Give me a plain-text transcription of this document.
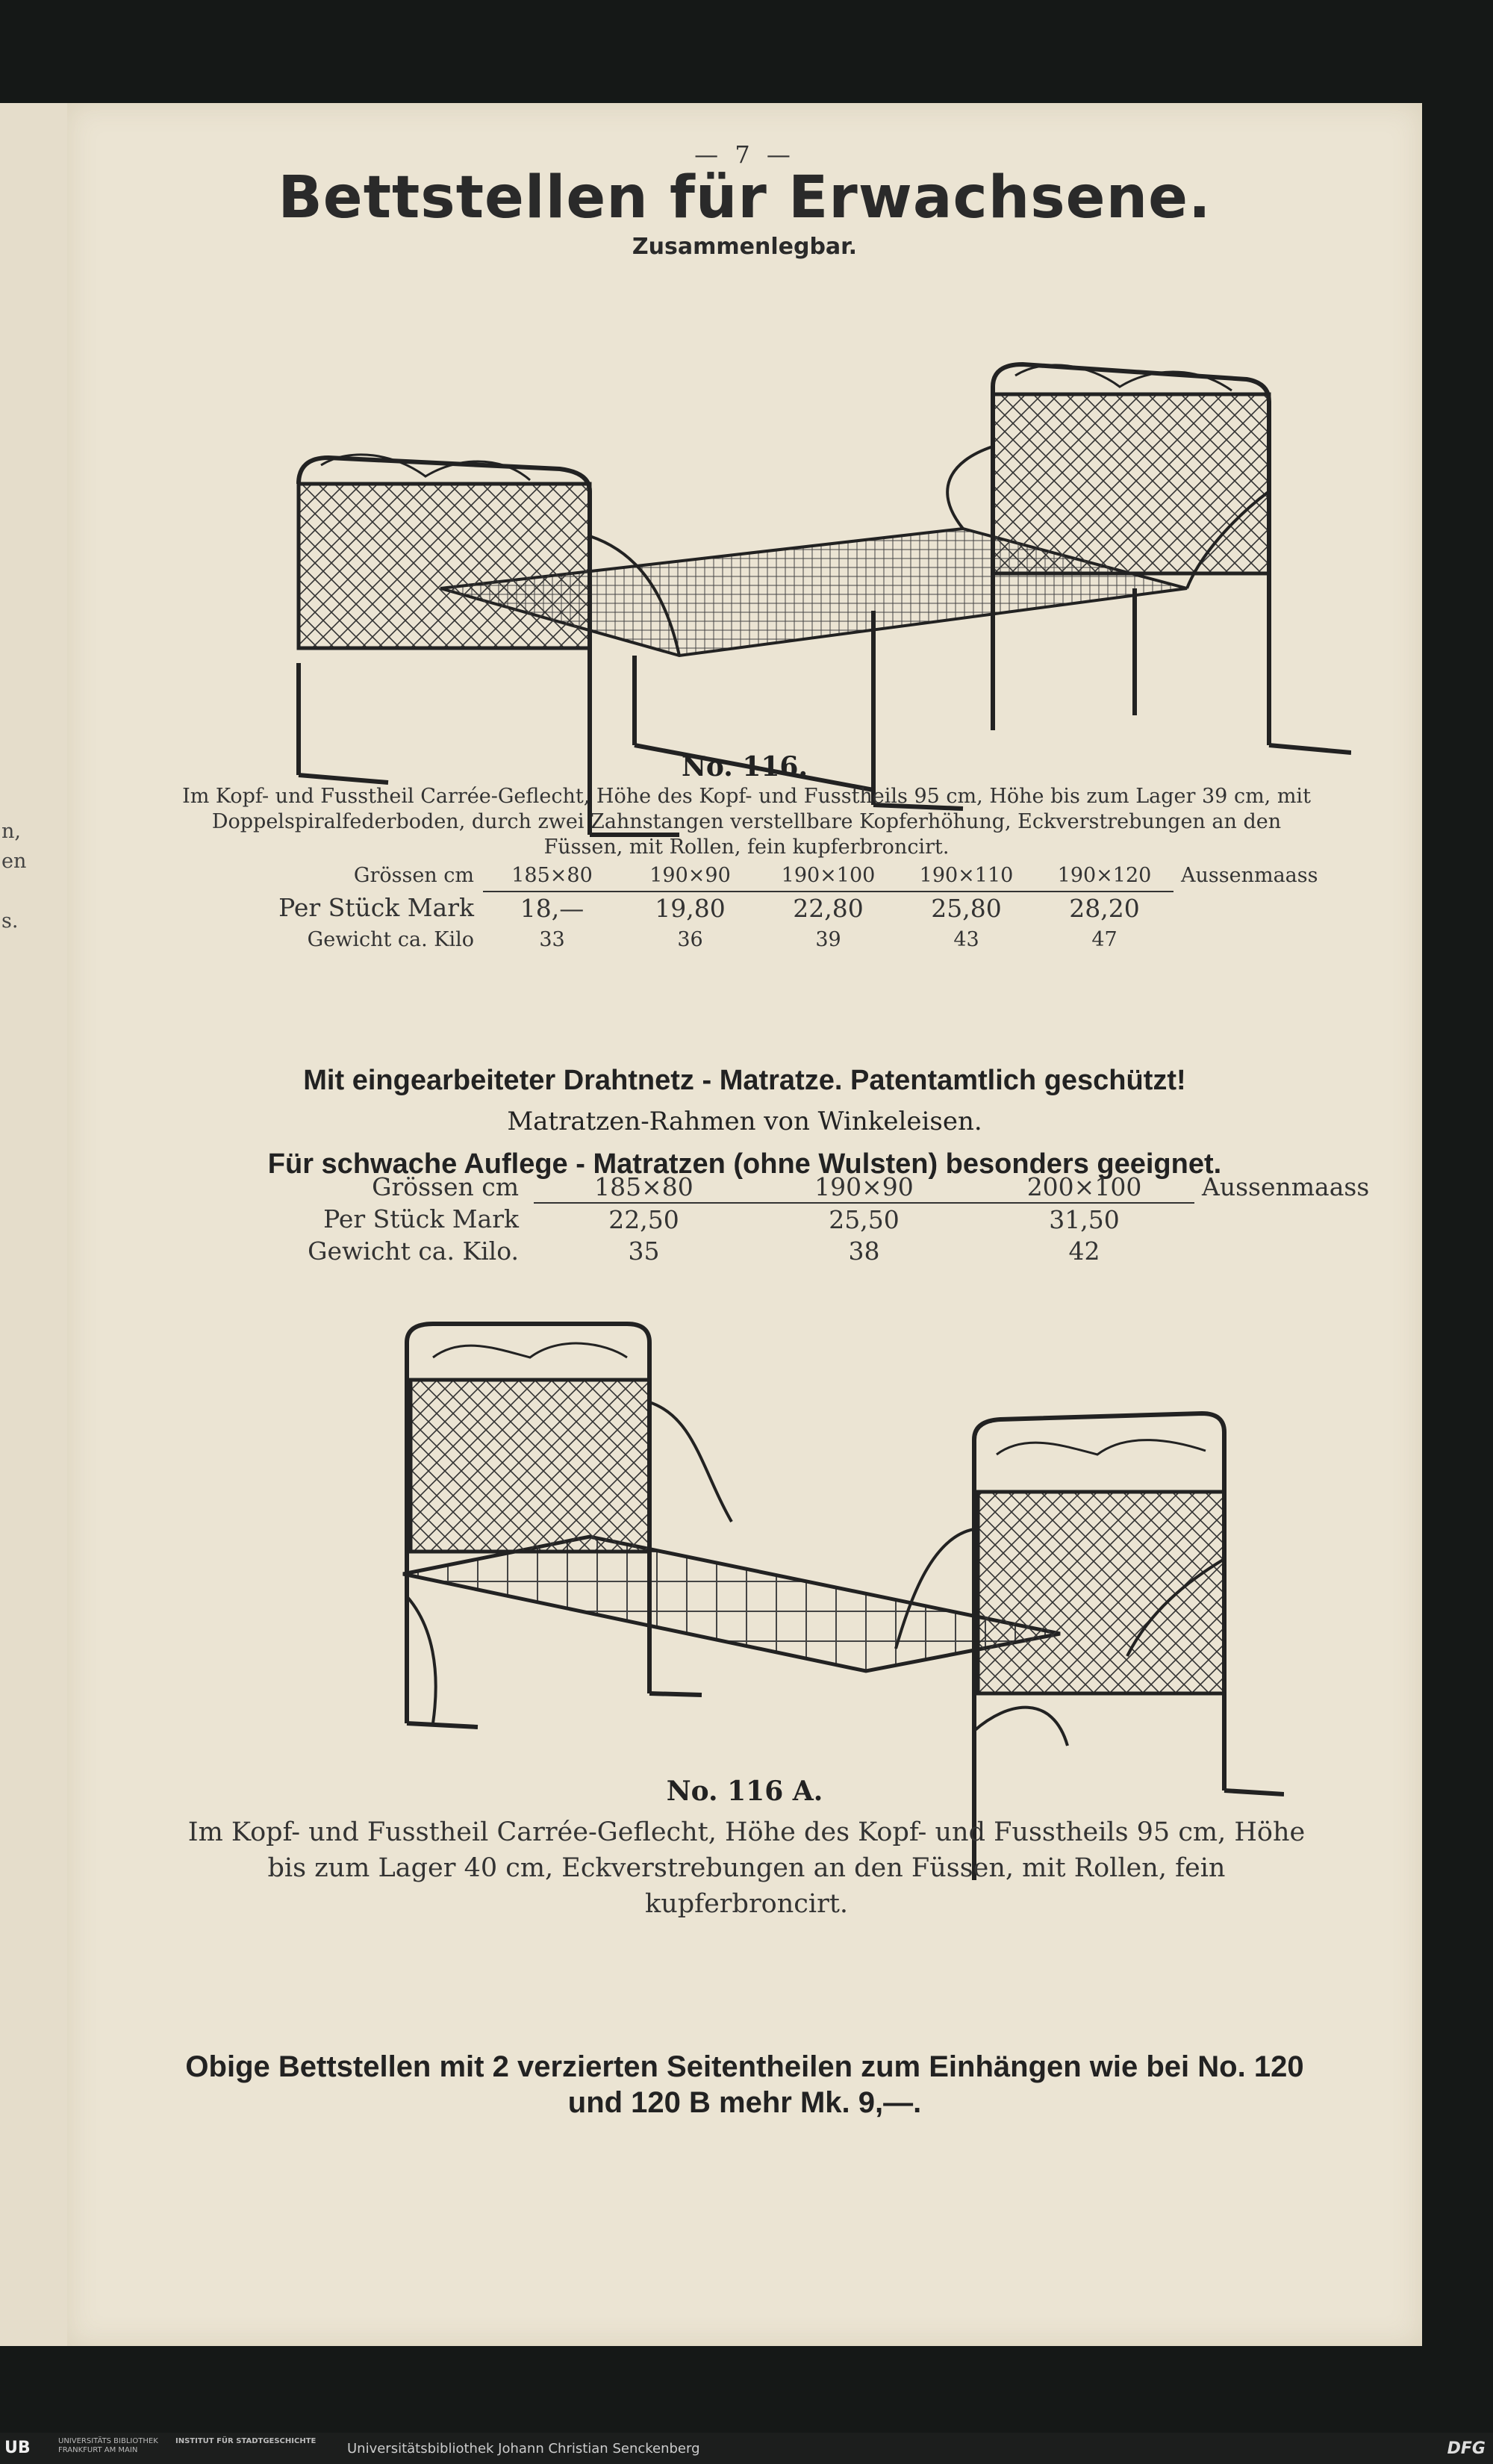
n,
en
s.
— 7 —
Bettstellen für Erwachsene.
Zusammenlegbar.
No. 116.
Im Kopf- und Fusstheil Carrée-Geflecht, Höhe des Kopf- und Fusstheils 95 cm, Höhe bis zum Lager 39 cm, mit Doppelspiralfederboden, durch zwei Zahnstangen verstellbare Kopferhöhung, Eckverstrebungen an den Füssen, mit Rollen, fein kupferbroncirt.
Grössen cm	185×80	190×90	190×100	190×110	190×120	Aussenmaass
Per Stück Mark	18,—	19,80	22,80	25,80	28,20	
Gewicht ca. Kilo	33	36	39	43	47	
Mit eingearbeiteter Drahtnetz - Matratze. Patentamtlich geschützt!
Matratzen-Rahmen von Winkeleisen.
Für schwache Auflege - Matratzen (ohne Wulsten) besonders geeignet.
No. 116 A.
Im Kopf- und Fusstheil Carrée-Geflecht, Höhe des Kopf- und Fusstheils 95 cm, Höhe bis zum Lager 40 cm, Eckverstrebungen an den Füssen, mit Rollen, fein kupferbroncirt.
Grössen cm	185×80	190×90	200×100	Aussenmaass
Per Stück Mark	22,50	25,50	31,50	
Gewicht ca. Kilo.	35	38	42	
Obige Bettstellen mit 2 verzierten Seitentheilen zum Einhängen wie bei No. 120
und 120 B mehr Mk. 9,—.
UB	UNIVERSITÄTS BIBLIOTHEK FRANKFURT AM MAIN
INSTITUT FÜR STADTGESCHICHTE	Universitätsbibliothek Johann Christian Senckenberg	DFG
